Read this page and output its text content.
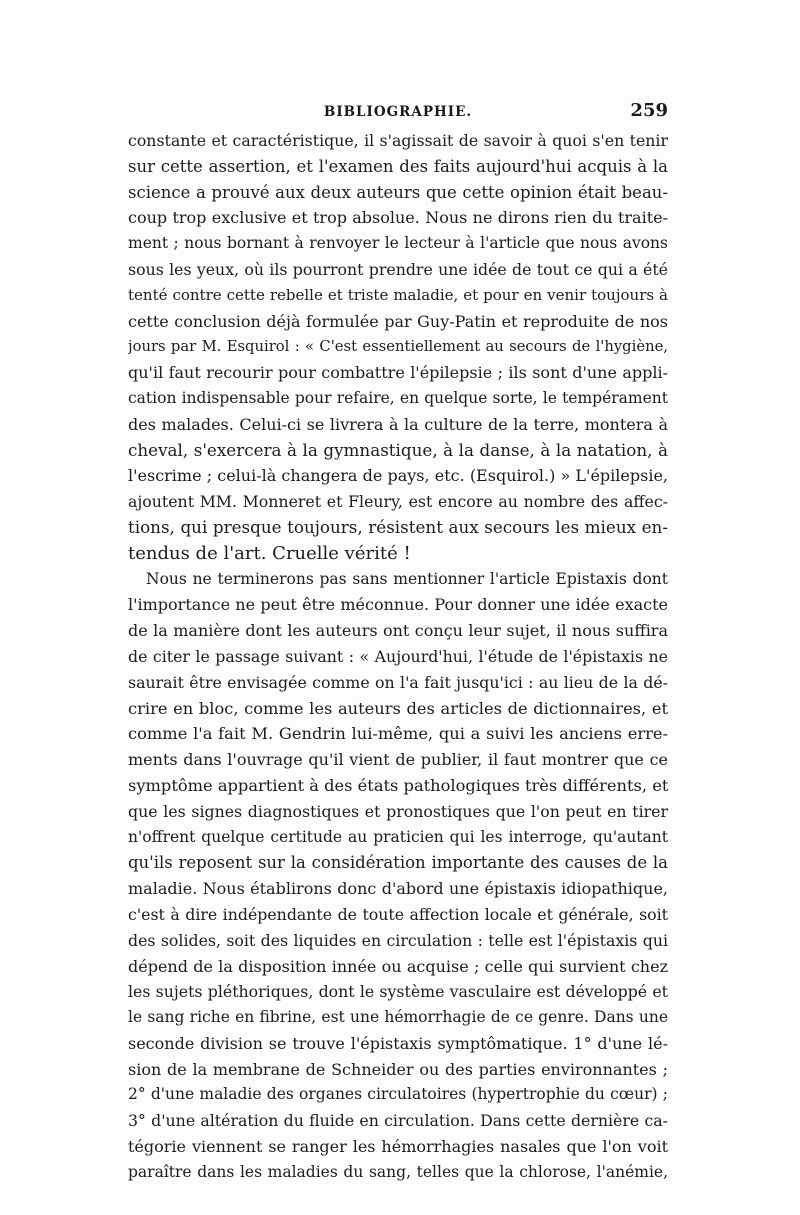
BIBLIOGRAPHIE.	259
constante et caractéristique, il s'agissait de savoir à quoi s'en tenir
sur cette assertion, et l'examen des faits aujourd'hui acquis à la
science a prouvé aux deux auteurs que cette opinion était beau-
coup trop exclusive et trop absolue. Nous ne dirons rien du traite-
ment ; nous bornant à renvoyer le lecteur à l'article que nous avons
sous les yeux, où ils pourront prendre une idée de tout ce qui a été
tenté contre cette rebelle et triste maladie, et pour en venir toujours à
cette conclusion déjà formulée par Guy-Patin et reproduite de nos
jours par M. Esquirol : « C'est essentiellement au secours de l'hygiène,
qu'il faut recourir pour combattre l'épilepsie ; ils sont d'une appli-
cation indispensable pour refaire, en quelque sorte, le tempérament
des malades. Celui-ci se livrera à la culture de la terre, montera à
cheval, s'exercera à la gymnastique, à la danse, à la natation, à
l'escrime ; celui-là changera de pays, etc. (Esquirol.) » L'épilepsie,
ajoutent MM. Monneret et Fleury, est encore au nombre des affec-
tions, qui presque toujours, résistent aux secours les mieux en-
tendus de l'art. Cruelle vérité !
Nous ne terminerons pas sans mentionner l'article Epistaxis dont
l'importance ne peut être méconnue. Pour donner une idée exacte
de la manière dont les auteurs ont conçu leur sujet, il nous suffira
de citer le passage suivant : « Aujourd'hui, l'étude de l'épistaxis ne
saurait être envisagée comme on l'a fait jusqu'ici : au lieu de la dé-
crire en bloc, comme les auteurs des articles de dictionnaires, et
comme l'a fait M. Gendrin lui-même, qui a suivi les anciens erre-
ments dans l'ouvrage qu'il vient de publier, il faut montrer que ce
symptôme appartient à des états pathologiques très différents, et
que les signes diagnostiques et pronostiques que l'on peut en tirer
n'offrent quelque certitude au praticien qui les interroge, qu'autant
qu'ils reposent sur la considération importante des causes de la
maladie. Nous établirons donc d'abord une épistaxis idiopathique,
c'est à dire indépendante de toute affection locale et générale, soit
des solides, soit des liquides en circulation : telle est l'épistaxis qui
dépend de la disposition innée ou acquise ; celle qui survient chez
les sujets pléthoriques, dont le système vasculaire est développé et
le sang riche en fibrine, est une hémorrhagie de ce genre. Dans une
seconde division se trouve l'épistaxis symptômatique. 1° d'une lé-
sion de la membrane de Schneider ou des parties environnantes ;
2° d'une maladie des organes circulatoires (hypertrophie du cœur) ;
3° d'une altération du fluide en circulation. Dans cette dernière ca-
tégorie viennent se ranger les hémorrhagies nasales que l'on voit
paraître dans les maladies du sang, telles que la chlorose, l'anémie,
